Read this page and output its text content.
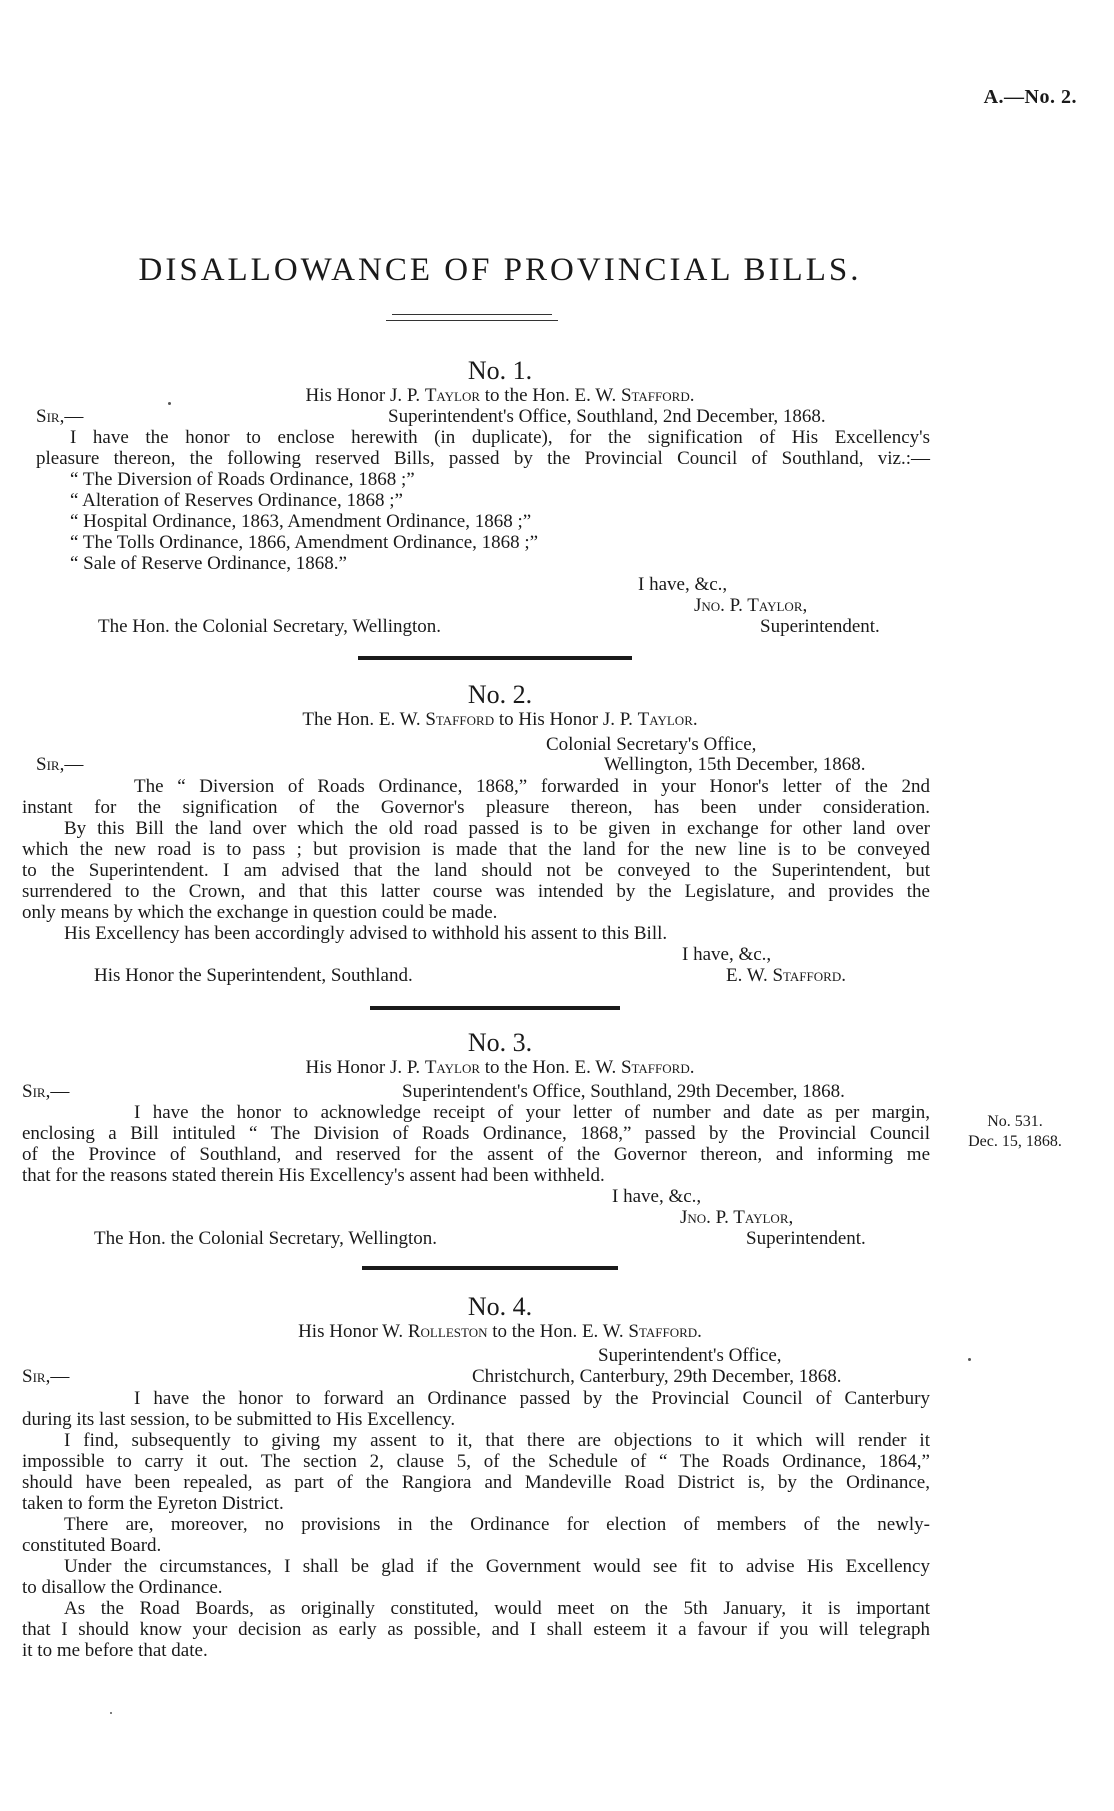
A.—No. 2.
DISALLOWANCE OF PROVINCIAL BILLS.
No. 1.
His Honor J. P. Taylor to the Hon. E. W. Stafford.
Sir,—	Superintendent's Office, Southland, 2nd December, 1868.
I have the honor to enclose herewith (in duplicate), for the signification of His Excellency's
pleasure thereon, the following reserved Bills, passed by the Provincial Council of Southland, viz.:—
“ The Diversion of Roads Ordinance, 1868 ;”
“ Alteration of Reserves Ordinance, 1868 ;”
“ Hospital Ordinance, 1863, Amendment Ordinance, 1868 ;”
“ The Tolls Ordinance, 1866, Amendment Ordinance, 1868 ;”
“ Sale of Reserve Ordinance, 1868.”
I have, &c.,
Jno. P. Taylor,
The Hon. the Colonial Secretary, Wellington.	Superintendent.
No. 2.
The Hon. E. W. Stafford to His Honor J. P. Taylor.
Colonial Secretary's Office,
Sir,—	Wellington, 15th December, 1868.
The “ Diversion of Roads Ordinance, 1868,” forwarded in your Honor's letter of the 2nd
instant for the signification of the Governor's pleasure thereon, has been under consideration.
By this Bill the land over which the old road passed is to be given in exchange for other land over
which the new road is to pass ; but provision is made that the land for the new line is to be conveyed
to the Superintendent. I am advised that the land should not be conveyed to the Superintendent, but
surrendered to the Crown, and that this latter course was intended by the Legislature, and provides the
only means by which the exchange in question could be made.
His Excellency has been accordingly advised to withhold his assent to this Bill.
I have, &c.,
His Honor the Superintendent, Southland.	E. W. Stafford.
No. 3.
His Honor J. P. Taylor to the Hon. E. W. Stafford.
Sir,—	Superintendent's Office, Southland, 29th December, 1868.
I have the honor to acknowledge receipt of your letter of number and date as per margin,
enclosing a Bill intituled “ The Division of Roads Ordinance, 1868,” passed by the Provincial Council
of the Province of Southland, and reserved for the assent of the Governor thereon, and informing me
that for the reasons stated therein His Excellency's assent had been withheld.
No. 531.
Dec. 15, 1868.
I have, &c.,
Jno. P. Taylor,
The Hon. the Colonial Secretary, Wellington.	Superintendent.
No. 4.
His Honor W. Rolleston to the Hon. E. W. Stafford.
Superintendent's Office,
Sir,—	Christchurch, Canterbury, 29th December, 1868.
I have the honor to forward an Ordinance passed by the Provincial Council of Canterbury
during its last session, to be submitted to His Excellency.
I find, subsequently to giving my assent to it, that there are objections to it which will render it
impossible to carry it out. The section 2, clause 5, of the Schedule of “ The Roads Ordinance, 1864,”
should have been repealed, as part of the Rangiora and Mandeville Road District is, by the Ordinance,
taken to form the Eyreton District.
There are, moreover, no provisions in the Ordinance for election of members of the newly-
constituted Board.
Under the circumstances, I shall be glad if the Government would see fit to advise His Excellency
to disallow the Ordinance.
As the Road Boards, as originally constituted, would meet on the 5th January, it is important
that I should know your decision as early as possible, and I shall esteem it a favour if you will telegraph
it to me before that date.
